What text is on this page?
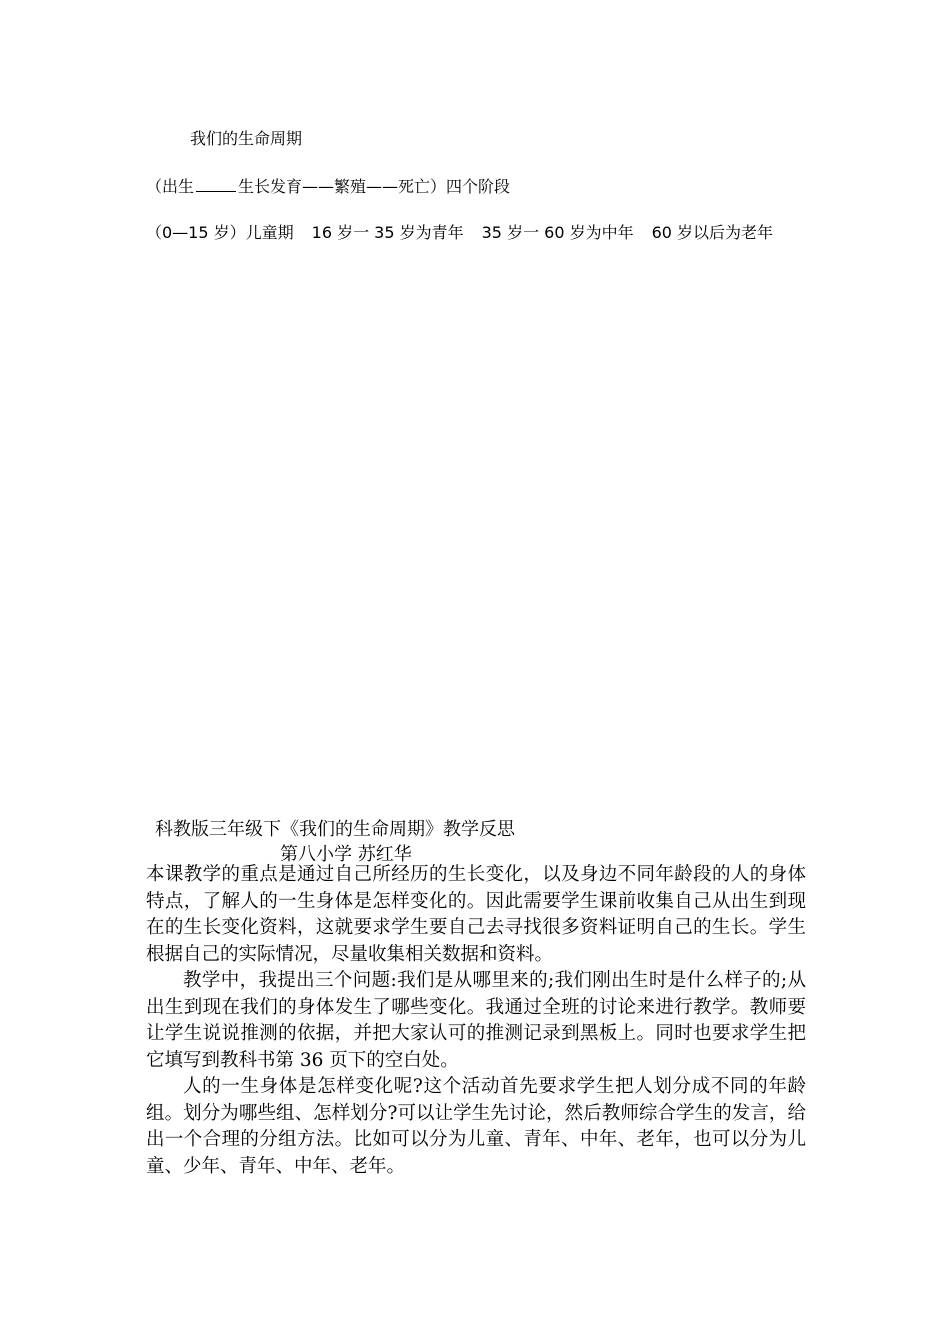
我们的生命周期
（出生	生长发育——繁殖——死亡）四个阶段
（0—15 岁）儿童期 16 岁一 35 岁为青年 35 岁一 60 岁为中年 60 岁以后为老年
科教版三年级下《我们的生命周期》教学反思
第八小学 苏红华

本课教学的重点是通过自己所经历的生长变化，以及身边不同年龄段的人的身体特点，了解人的一生身体是怎样变化的。因此需要学生课前收集自己从出生到现在的生长变化资料，这就要求学生要自己去寻找很多资料证明自己的生长。学生根据自己的实际情况，尽量收集相关数据和资料。

教学中，我提出三个问题:我们是从哪里来的;我们刚出生时是什么样子的;从出生到现在我们的身体发生了哪些变化。我通过全班的讨论来进行教学。教师要让学生说说推测的依据，并把大家认可的推测记录到黑板上。同时也要求学生把它填写到教科书第 36 页下的空白处。

人的一生身体是怎样变化呢?这个活动首先要求学生把人划分成不同的年龄组。划分为哪些组、怎样划分?可以让学生先讨论，然后教师综合学生的发言，给出一个合理的分组方法。比如可以分为儿童、青年、中年、老年，也可以分为儿童、少年、青年、中年、老年。
